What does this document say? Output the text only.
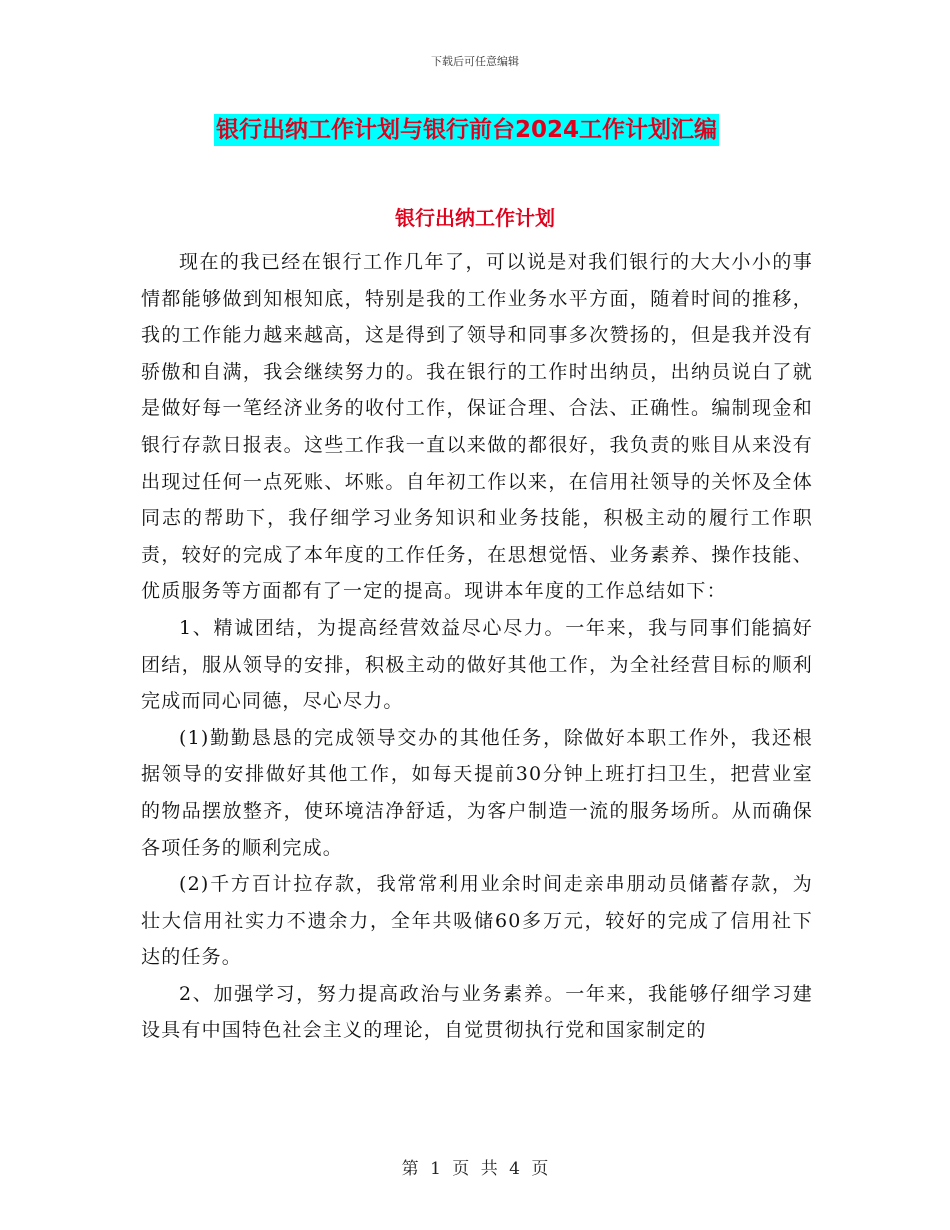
下载后可任意编辑
银行出纳工作计划与银行前台2024工作计划汇编
银行出纳工作计划

现在的我已经在银行工作几年了，可以说是对我们银行的大大小小的事情都能够做到知根知底，特别是我的工作业务水平方面，随着时间的推移，我的工作能力越来越高，这是得到了领导和同事多次赞扬的，但是我并没有骄傲和自满，我会继续努力的。我在银行的工作时出纳员，出纳员说白了就是做好每一笔经济业务的收付工作，保证合理、合法、正确性。编制现金和银行存款日报表。这些工作我一直以来做的都很好，我负责的账目从来没有出现过任何一点死账、坏账。自年初工作以来，在信用社领导的关怀及全体同志的帮助下，我仔细学习业务知识和业务技能，积极主动的履行工作职责，较好的完成了本年度的工作任务，在思想觉悟、业务素养、操作技能、优质服务等方面都有了一定的提高。现讲本年度的工作总结如下：

1、精诚团结，为提高经营效益尽心尽力。一年来，我与同事们能搞好团结，服从领导的安排，积极主动的做好其他工作，为全社经营目标的顺利完成而同心同德，尽心尽力。

(1)勤勤恳恳的完成领导交办的其他任务，除做好本职工作外，我还根据领导的安排做好其他工作，如每天提前30分钟上班打扫卫生，把营业室的物品摆放整齐，使环境洁净舒适，为客户制造一流的服务场所。从而确保各项任务的顺利完成。

(2)千方百计拉存款，我常常利用业余时间走亲串朋动员储蓄存款，为壮大信用社实力不遗余力，全年共吸储60多万元，较好的完成了信用社下达的任务。

2、加强学习，努力提高政治与业务素养。一年来，我能够仔细学习建设具有中国特色社会主义的理论，自觉贯彻执行党和国家制定的

第 1 页 共 4 页
